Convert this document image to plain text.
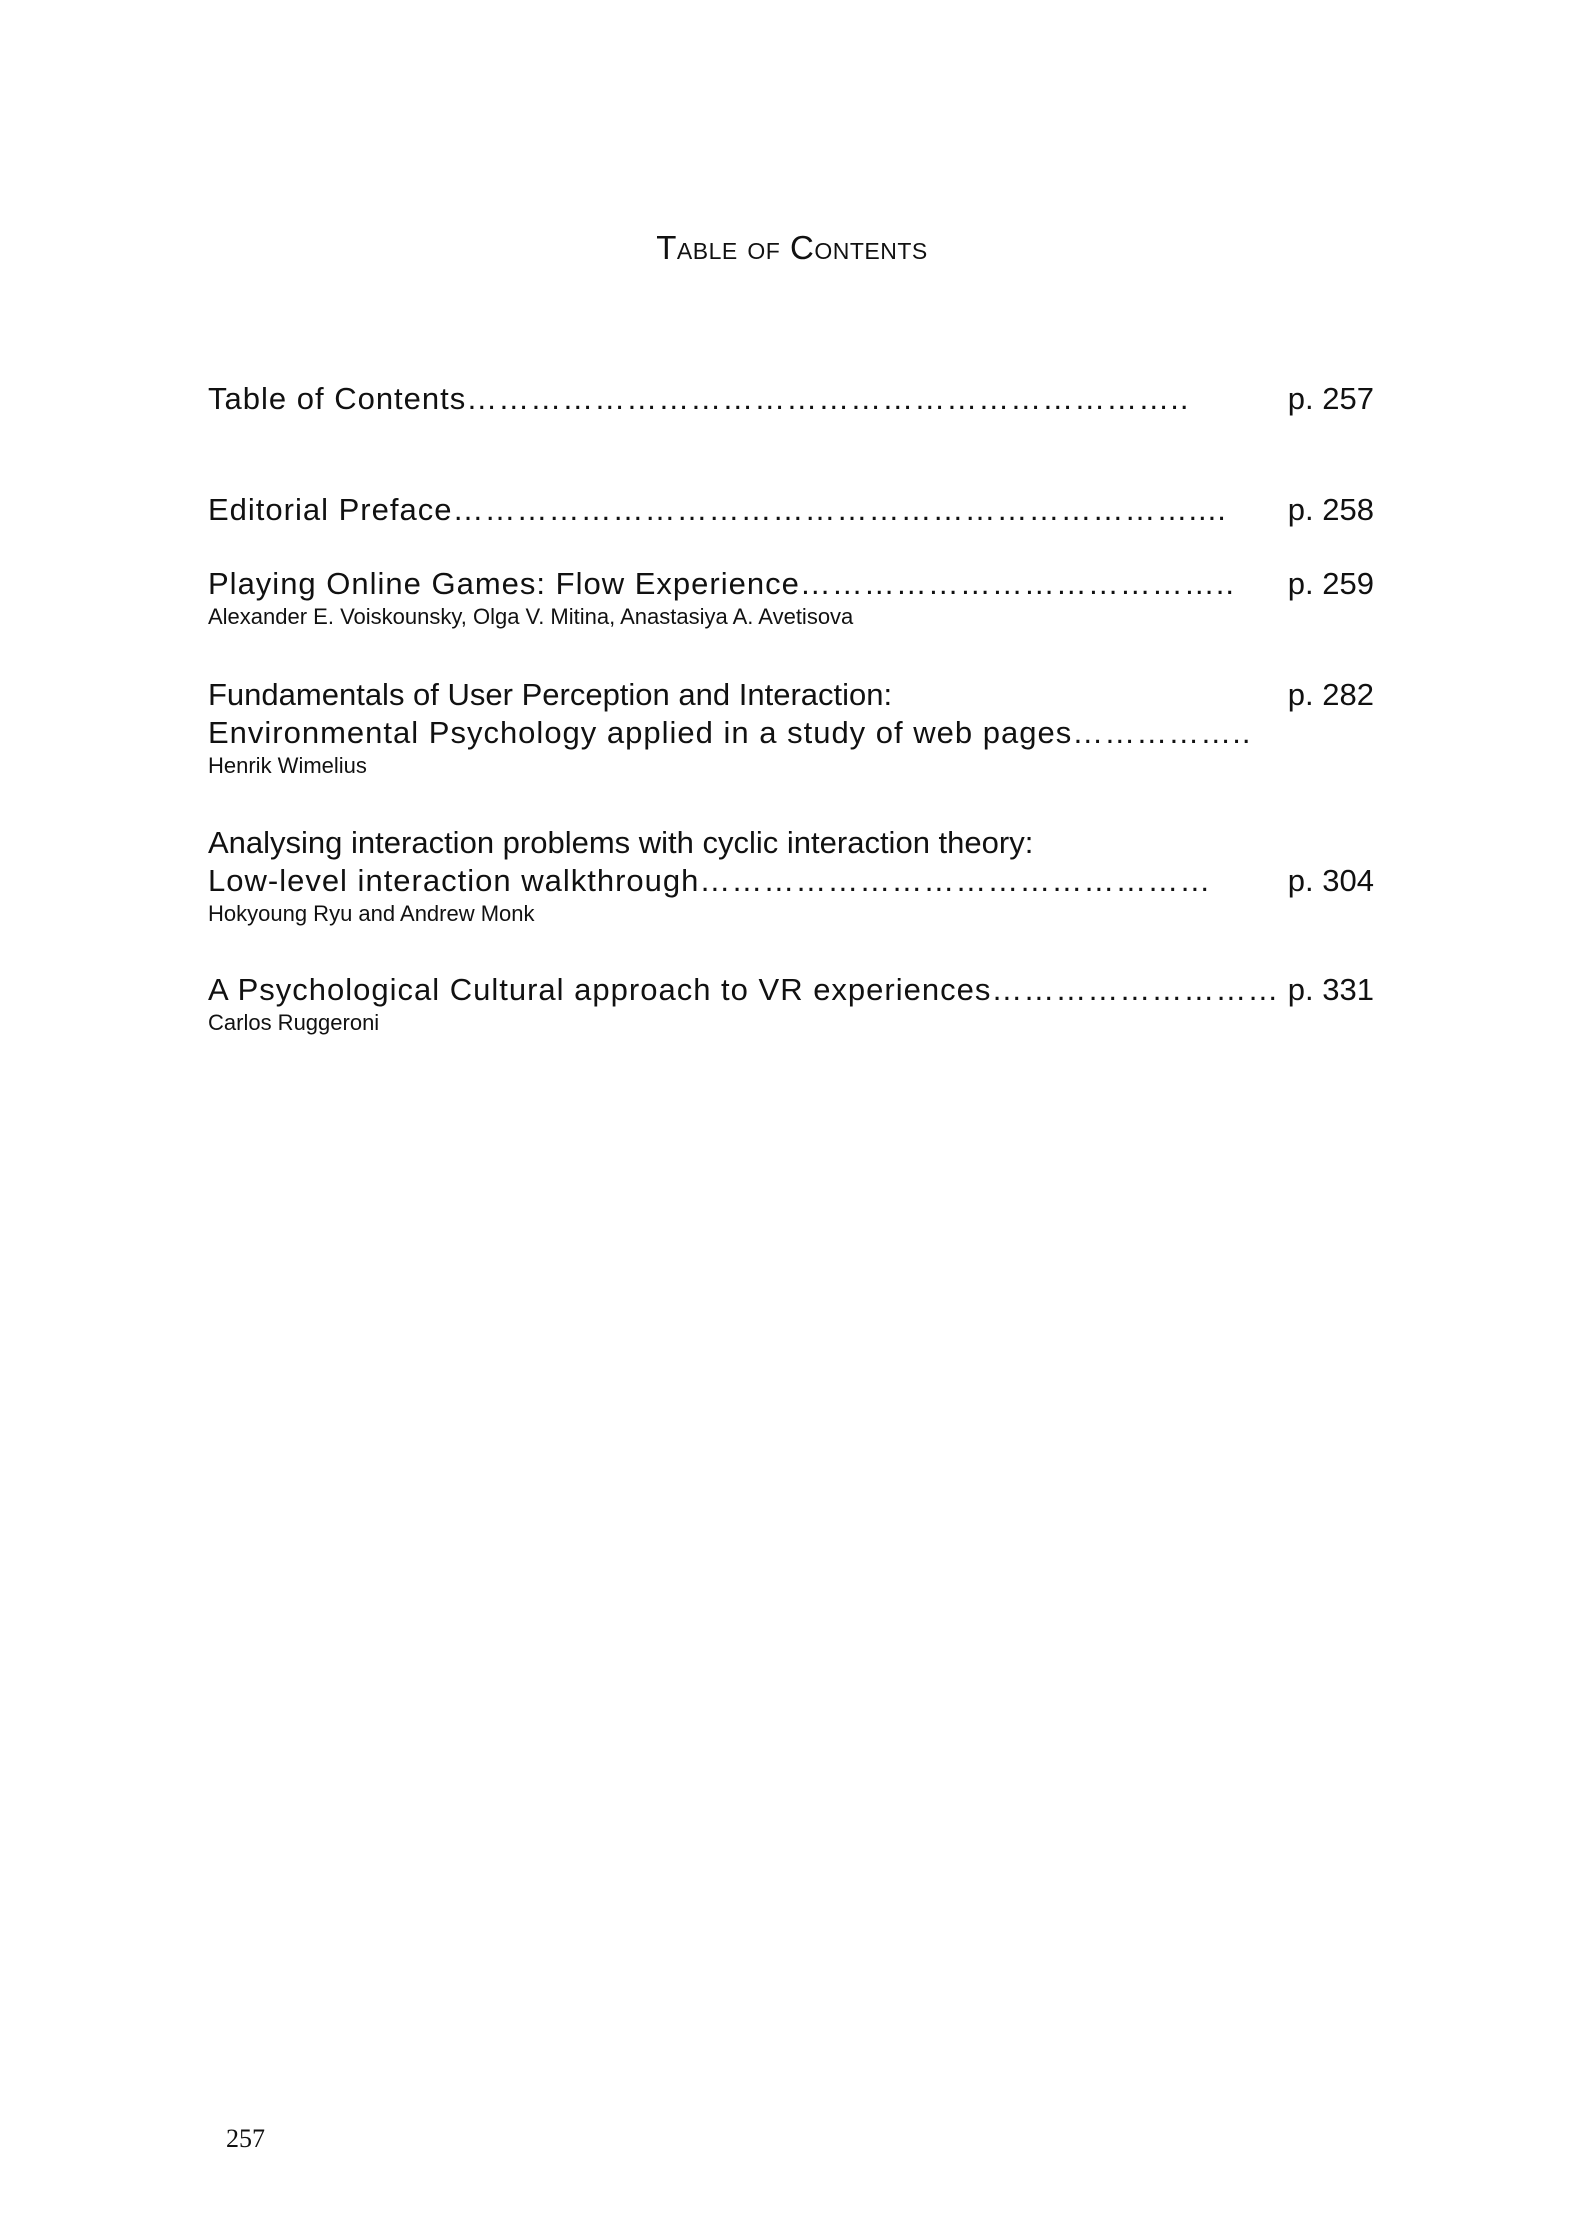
Table of Contents
Table of Contents…………………………………………………………..	p. 257
Editorial Preface…………………………………………………………….... p. 258
Playing Online Games: Flow Experience………………………………….. p. 259
Alexander E. Voiskounsky, Olga V. Mitina, Anastasiya A. Avetisova
Fundamentals of User Perception and Interaction:	p. 282
Environmental Psychology applied in a study of web pages……………..
Henrik Wimelius
Analysing interaction problems with cyclic interaction theory:
Low-level interaction walkthrough………………………………………… p. 304
Hokyoung Ryu and Andrew Monk
A Psychological Cultural approach to VR experiences……………………… p. 331
Carlos Ruggeroni
257
